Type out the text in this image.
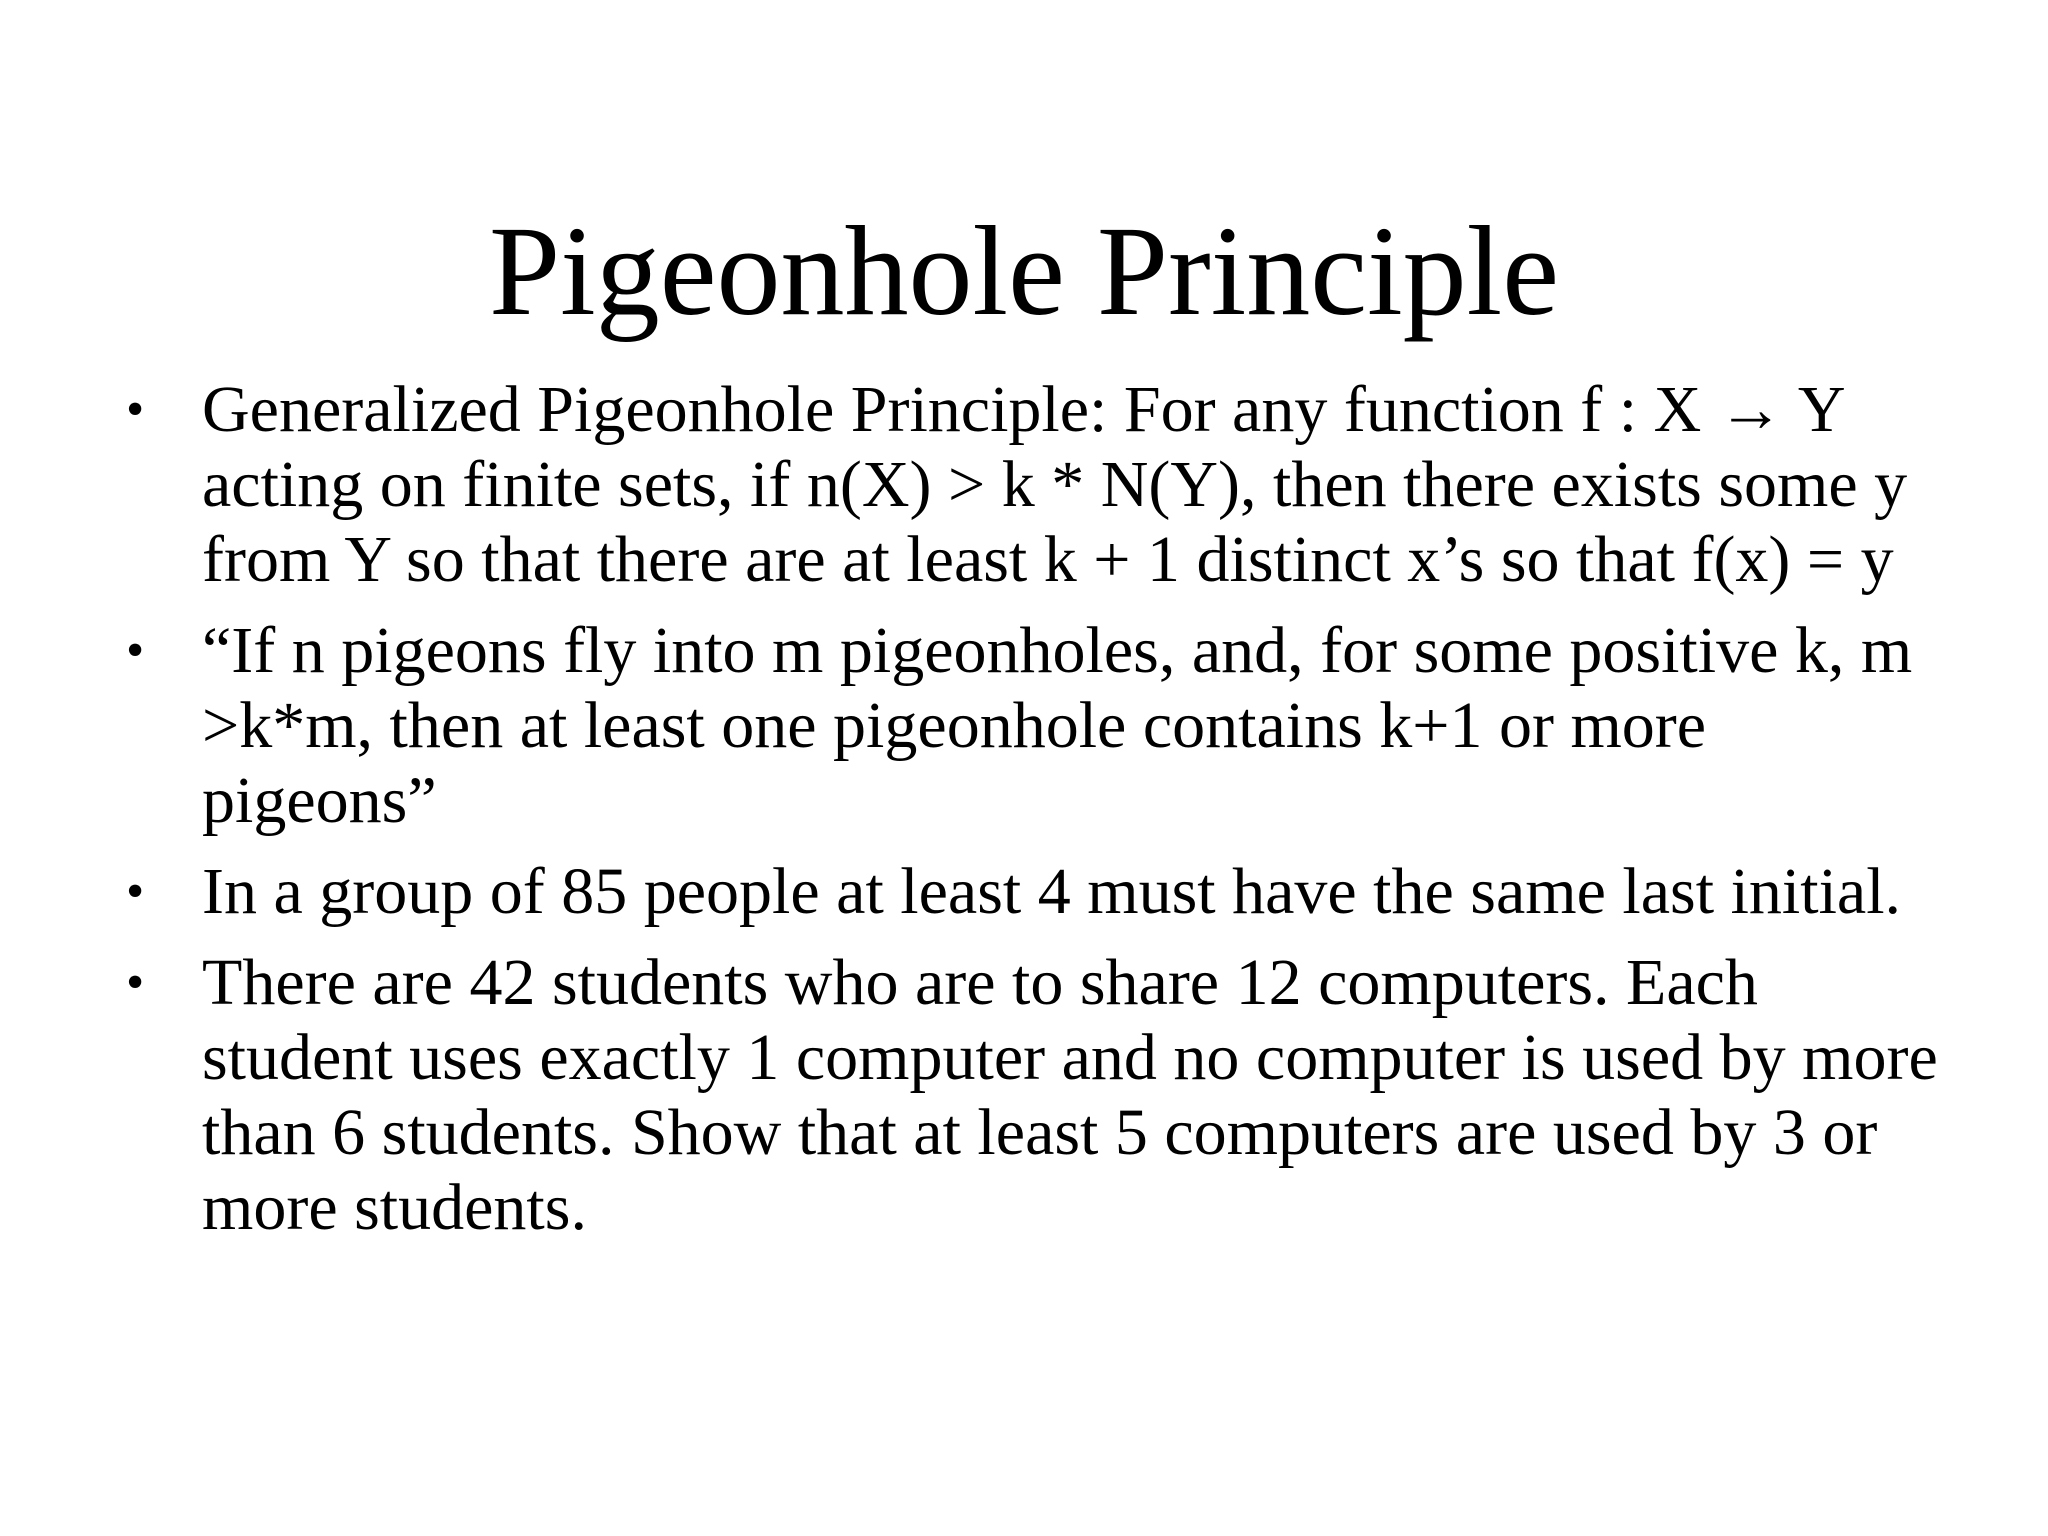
Pigeonhole Principle
• Generalized Pigeonhole Principle: For any function f : X → Y acting on finite sets, if n(X) > k * N(Y), then there exists some y from Y so that there are at least k + 1 distinct x’s so that f(x) = y
• “If n pigeons fly into m pigeonholes, and, for some positive k, m >k*m, then at least one pigeonhole contains k+1 or more pigeons”
• In a group of 85 people at least 4 must have the same last initial.
• There are 42 students who are to share 12 computers. Each student uses exactly 1 computer and no computer is used by more than 6 students. Show that at least 5 computers are used by 3 or more students.
